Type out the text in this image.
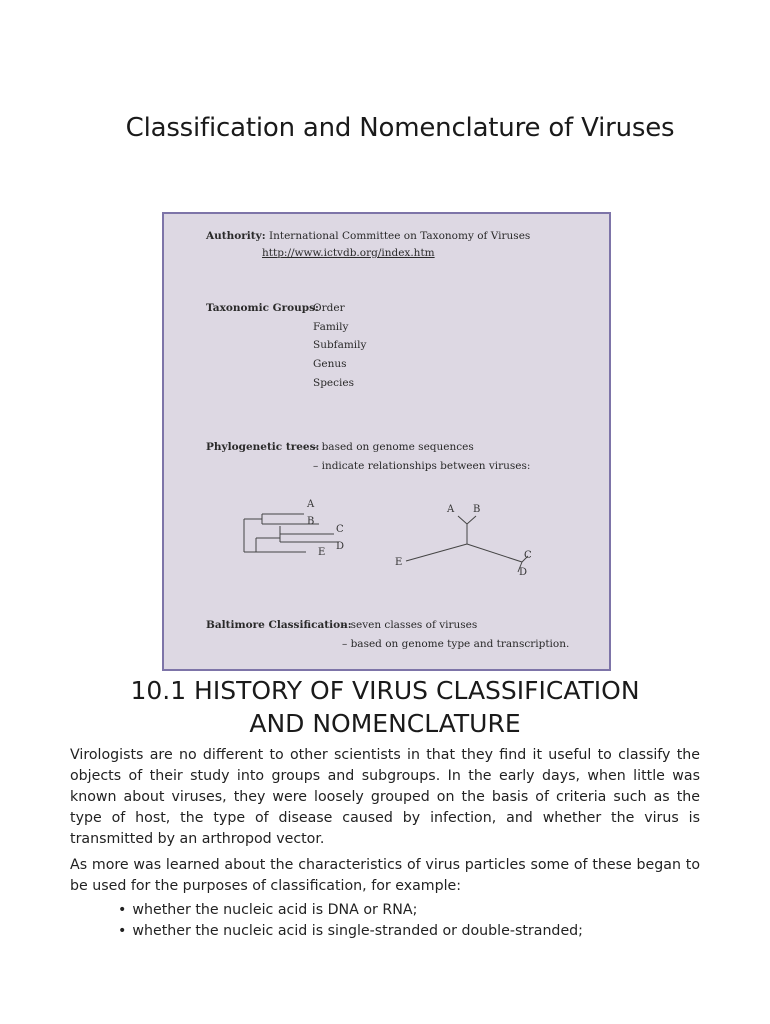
Classification and Nomenclature of Viruses
Authority: International Committee on Taxonomy of Viruses
http://www.ictvdb.org/index.htm
Taxonomic Groups:
Order
Family
Subfamily
Genus
Species
Phylogenetic trees:
– based on genome sequences
– indicate relationships between viruses:
A
B
C
D
E
A B
E
C
D
Baltimore Classification:
– seven classes of viruses
– based on genome type and transcription.
10.1 HISTORY OF VIRUS CLASSIFICATION
AND NOMENCLATURE

Virologists are no different to other scientists in that they find it useful to classify the objects of their study into groups and subgroups. In the early days, when little was known about viruses, they were loosely grouped on the basis of criteria such as the type of host, the type of disease caused by infection, and whether the virus is transmitted by an arthropod vector.

As more was learned about the characteristics of virus particles some of these began to be used for the purposes of classification, for example:

• whether the nucleic acid is DNA or RNA;
• whether the nucleic acid is single-stranded or double-stranded;
